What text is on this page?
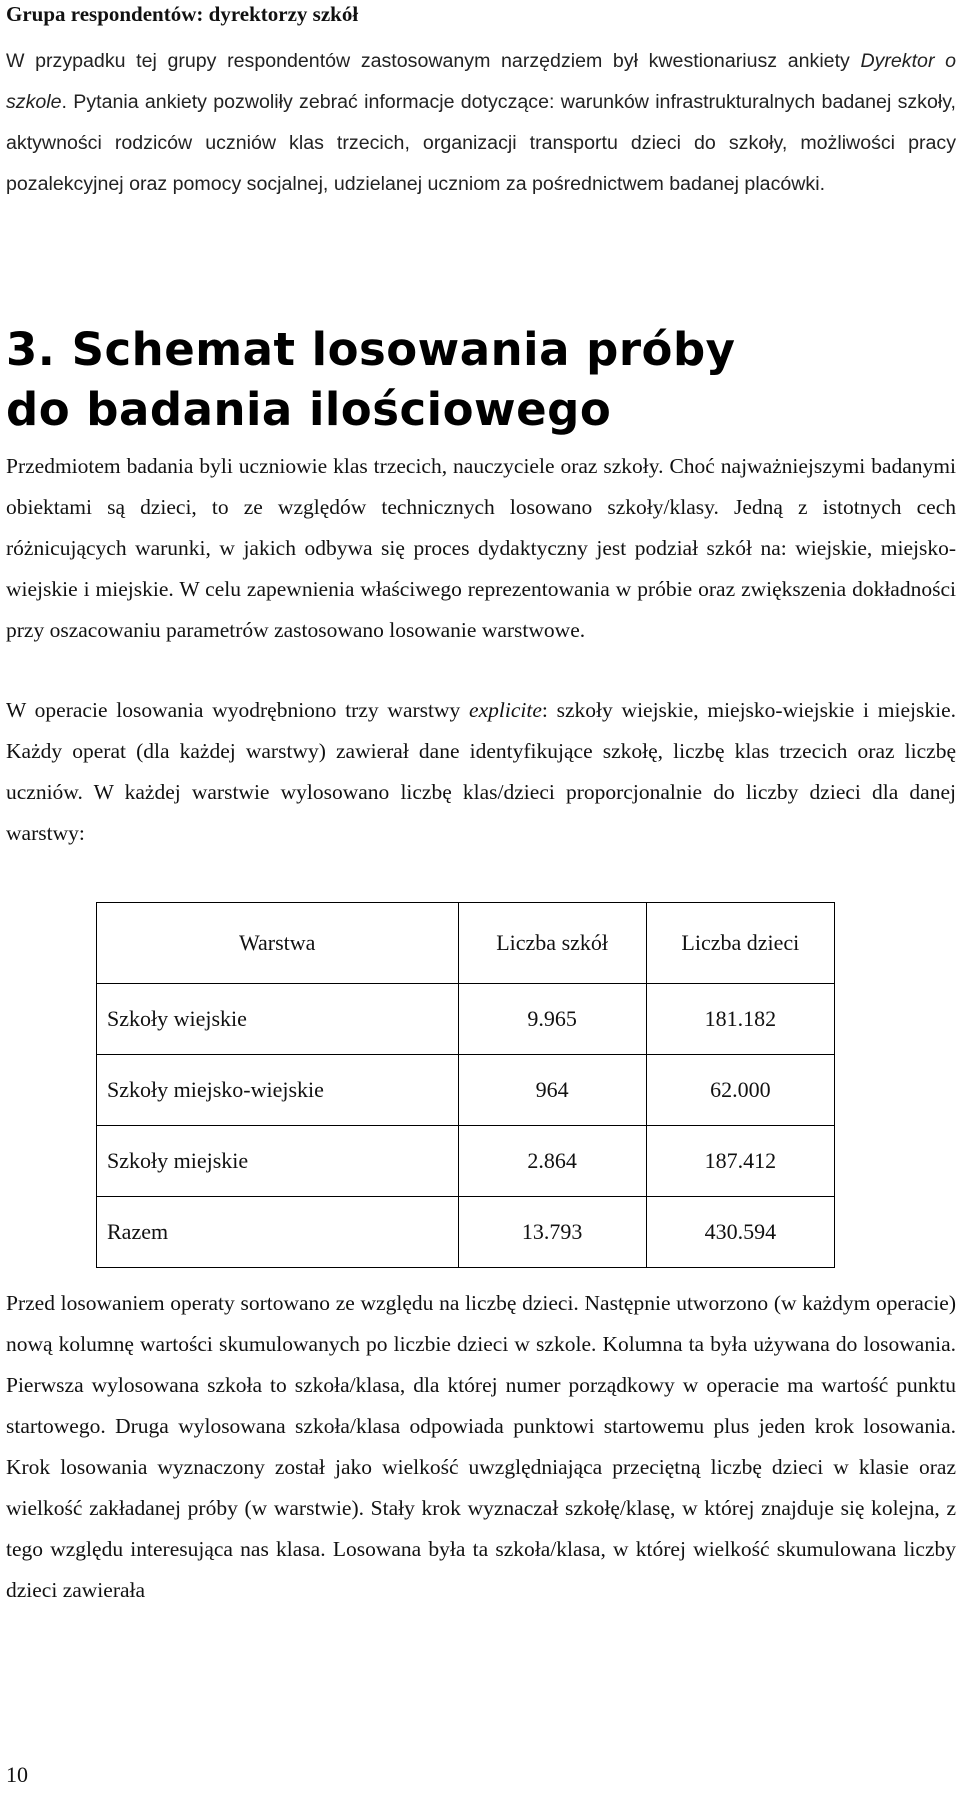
Grupa respondentów: dyrektorzy szkół

W przypadku tej grupy respondentów zastosowanym narzędziem był kwestionariusz ankiety Dyrektor o szkole. Pytania ankiety pozwoliły zebrać informacje dotyczące: warunków infrastrukturalnych badanej szkoły, aktywności rodziców uczniów klas trzecich, organizacji transportu dzieci do szkoły, możliwości pracy pozalekcyjnej oraz pomocy socjalnej, udzielanej uczniom za pośrednictwem badanej placówki.

3. Schemat losowania próby
do badania ilościowego

Przedmiotem badania byli uczniowie klas trzecich, nauczyciele oraz szkoły. Choć najważniejszymi badanymi obiektami są dzieci, to ze względów technicznych losowano szkoły/klasy. Jedną z istotnych cech różnicujących warunki, w jakich odbywa się proces dydaktyczny jest podział szkół na: wiejskie, miejsko-wiejskie i miejskie. W celu zapewnienia właściwego reprezentowania w próbie oraz zwiększenia dokładności przy oszacowaniu parametrów zastosowano losowanie warstwowe.

W operacie losowania wyodrębniono trzy warstwy explicite: szkoły wiejskie, miejsko-wiejskie i miejskie. Każdy operat (dla każdej warstwy) zawierał dane identyfikujące szkołę, liczbę klas trzecich oraz liczbę uczniów. W każdej warstwie wylosowano liczbę klas/dzieci proporcjonalnie do liczby dzieci dla danej warstwy:

Warstwa	Liczba szkół	Liczba dzieci
Szkoły wiejskie	9.965	181.182
Szkoły miejsko-wiejskie	964	62.000
Szkoły miejskie	2.864	187.412
Razem	13.793	430.594

Przed losowaniem operaty sortowano ze względu na liczbę dzieci. Następnie utworzono (w każdym operacie) nową kolumnę wartości skumulowanych po liczbie dzieci w szkole. Kolumna ta była używana do losowania. Pierwsza wylosowana szkoła to szkoła/klasa, dla której numer porządkowy w operacie ma wartość punktu startowego. Druga wylosowana szkoła/klasa odpowiada punktowi startowemu plus jeden krok losowania. Krok losowania wyznaczony został jako wielkość uwzględniająca przeciętną liczbę dzieci w klasie oraz wielkość zakładanej próby (w warstwie). Stały krok wyznaczał szkołę/klasę, w której znajduje się kolejna, z tego względu interesująca nas klasa. Losowana była ta szkoła/klasa, w której wielkość skumulowana liczby dzieci zawierała

10
